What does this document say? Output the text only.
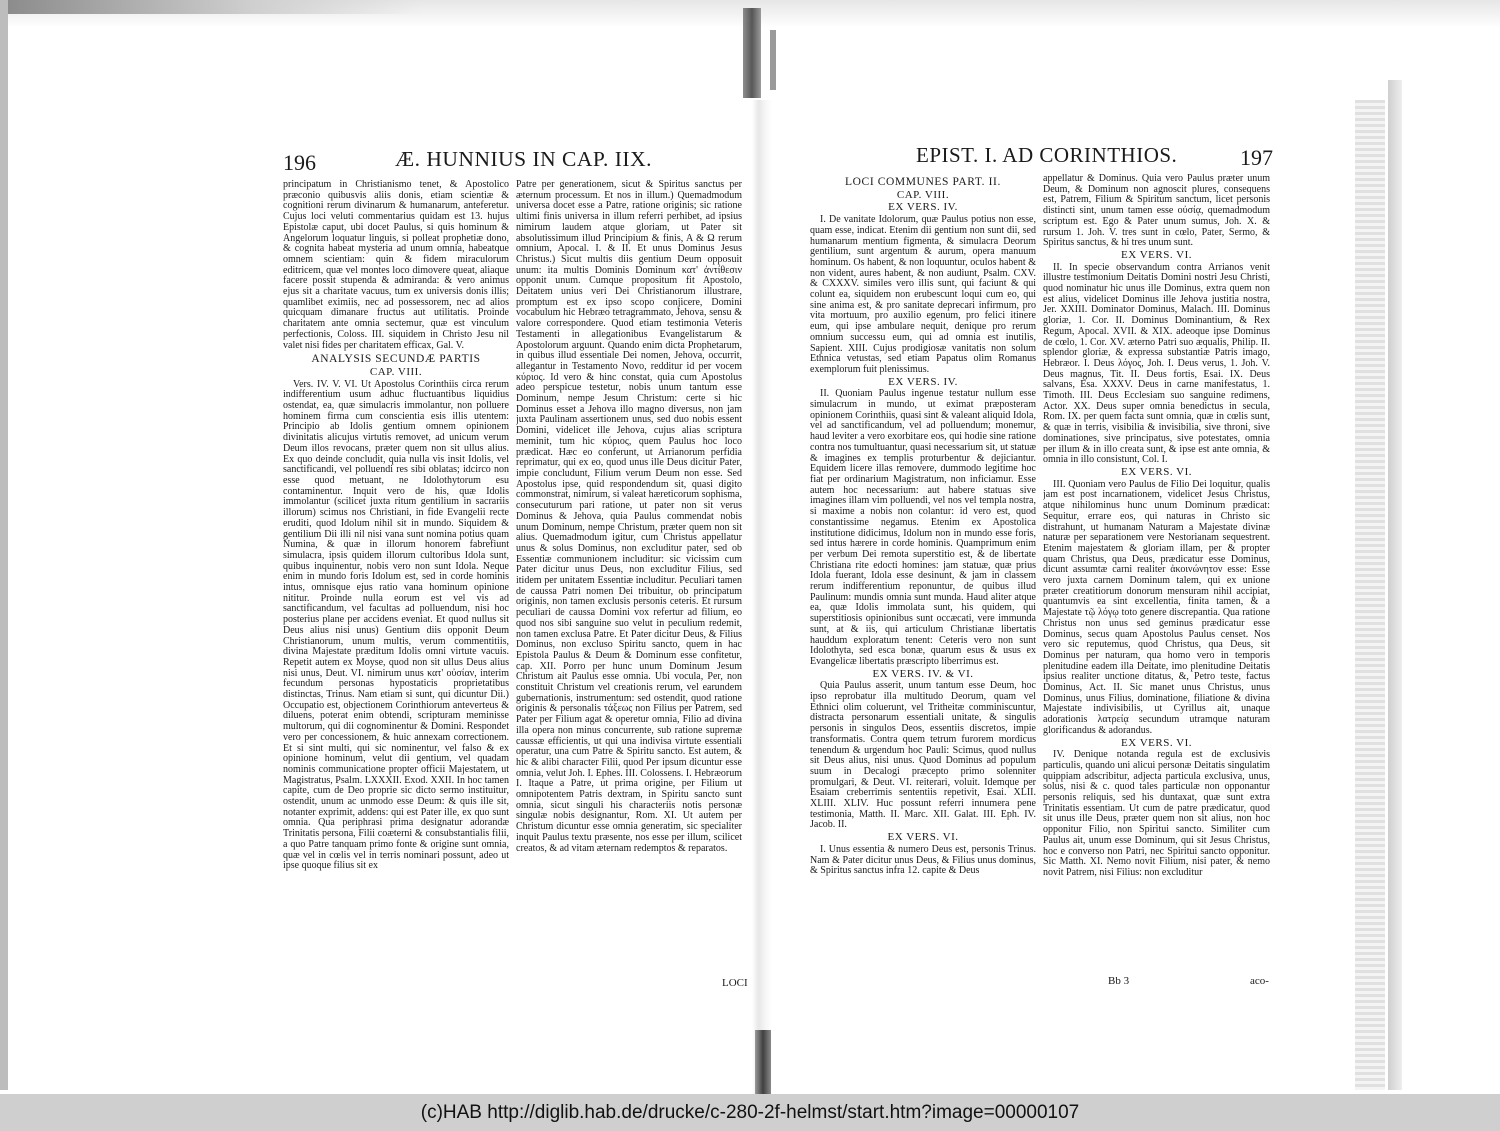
196	Æ. HUNNIUS IN CAP. IIX.

principatum in Christianismo tenet, & Apostolico præconio quibusvis aliis donis, etiam scientiæ & cognitioni rerum divinarum & humanarum, anteferetur. Cujus loci veluti commentarius quidam est 13. hujus Epistolæ caput, ubi docet Paulus, si quis hominum & Angelorum loquatur linguis, si polleat prophetiæ dono, & cognita habeat mysteria ad unum omnia, habeatque omnem scientiam: quin & fidem miraculorum editricem, quæ vel montes loco dimovere queat, aliaque facere possit stupenda & admiranda: & vero animus ejus sit a charitate vacuus, tum ex universis donis illis; quamlibet eximiis, nec ad possessorem, nec ad alios quicquam dimanare fructus aut utilitatis. Proinde charitatem ante omnia sectemur, quæ est vinculum perfectionis, Coloss. III. siquidem in Christo Jesu nil valet nisi fides per charitatem efficax, Gal. V.

ANALYSIS SECUNDÆ PARTIS

CAP. VIII.

Vers. IV. V. VI. Ut Apostolus Corinthiis circa rerum indifferentium usum adhuc fluctuantibus liquidius ostendat, ea, quæ simulacris immolantur, non polluere hominem firma cum conscientia esis illis utentem: Principio ab Idolis gentium omnem opinionem divinitatis alicujus virtutis removet, ad unicum verum Deum illos revocans, præter quem non sit ullus alius. Ex quo deinde concludit, quia nulla vis insit Idolis, vel sanctificandi, vel polluendi res sibi oblatas; idcirco non esse quod metuant, ne Idolothytorum esu contaminentur. Inquit vero de his, quæ Idolis immolantur (scilicet juxta ritum gentilium in sacrariis illorum) scimus nos Christiani, in fide Evangelii recte eruditi, quod Idolum nihil sit in mundo. Siquidem & gentilium Dii illi nil nisi vana sunt nomina potius quam Numina, & quæ in illorum honorem fabrefiunt simulacra, ipsis quidem illorum cultoribus Idola sunt, quibus inquinentur, nobis vero non sunt Idola. Neque enim in mundo foris Idolum est, sed in corde hominis intus, omnisque ejus ratio vana hominum opinione nititur. Proinde nulla eorum est vel vis ad sanctificandum, vel facultas ad polluendum, nisi hoc posterius plane per accidens eveniat. Et quod nullus sit Deus alius nisi unus) Gentium diis opponit Deum Christianorum, unum multis, verum commentitiis, divina Majestate præditum Idolis omni virtute vacuis. Repetit autem ex Moyse, quod non sit ullus Deus alius nisi unus, Deut. VI. nimirum unus κατ' οὐσίαν, interim fecundum personas hypostaticis proprietatibus distinctas, Trinus. Nam etiam si sunt, qui dicuntur Dii.) Occupatio est, objectionem Corinthiorum anteverteus & diluens, poterat enim obtendi, scripturam meminisse multorum, qui dii cognominentur & Domini. Respondet vero per concessionem, & huic annexam correctionem. Et si sint multi, qui sic nominentur, vel falso & ex opinione hominum, velut dii gentium, vel quadam nominis communicatione propter officii Majestatem, ut Magistratus, Psalm. LXXXII. Exod. XXII. In hoc tamen capite, cum de Deo proprie sic dicto sermo instituitur, ostendit, unum ac unmodo esse Deum: & quis ille sit, notanter exprimit, addens: qui est Pater ille, ex quo sunt omnia. Qua periphrasi prima designatur adorandæ Trinitatis persona, Filii coæterni & consubstantialis filii, a quo Patre tanquam primo fonte & origine sunt omnia, quæ vel in cœlis vel in terris nominari possunt, adeo ut ipse quoque filius sit ex

Patre per generationem, sicut & Spiritus sanctus per æternum processum. Et nos in illum.) Quemadmodum universa docet esse a Patre, ratione originis; sic ratione ultimi finis universa in illum referri perhibet, ad ipsius nimirum laudem atque gloriam, ut Pater sit absolutissimum illud Principium & finis, A & Ω rerum omnium, Apocal. I. & II. Et unus Dominus Jesus Christus.) Sicut multis diis gentium Deum opposuit unum: ita multis Dominis Dominum κατ' ἀντίθεσιν opponit unum. Cumque propositum fit Apostolo, Deitatem unius veri Dei Christianorum illustrare, promptum est ex ipso scopo conjicere, Domini vocabulum hic Hebræo tetragrammato, Jehova, sensu & valore correspondere. Quod etiam testimonia Veteris Testamenti in allegationibus Evangelistarum & Apostolorum arguunt. Quando enim dicta Prophetarum, in quibus illud essentiale Dei nomen, Jehova, occurrit, allegantur in Testamento Novo, redditur id per vocem κύριος. Id vero & hinc constat, quia cum Apostolus adeo perspicue testetur, nobis unum tantum esse Dominum, nempe Jesum Christum: certe si hic Dominus esset a Jehova illo magno diversus, non jam juxta Paulinam assertionem unus, sed duo nobis essent Domini, videlicet ille Jehova, cujus alias scriptura meminit, tum hic κύριος, quem Paulus hoc loco prædicat. Hæc eo conferunt, ut Arrianorum perfidia reprimatur, qui ex eo, quod unus ille Deus dicitur Pater, impie concludunt, Filium verum Deum non esse. Sed Apostolus ipse, quid respondendum sit, quasi digito commonstrat, nimirum, si valeat hæreticorum sophisma, consecuturum pari ratione, ut pater non sit verus Dominus & Jehova, quia Paulus commendat nobis unum Dominum, nempe Christum, præter quem non sit alius. Quemadmodum igitur, cum Christus appellatur unus & solus Dominus, non excluditur pater, sed ob Essentiæ communionem includitur: sic vicissim cum Pater dicitur unus Deus, non excluditur Filius, sed itidem per unitatem Essentiæ includitur. Peculiari tamen de caussa Patri nomen Dei tribuitur, ob principatum originis, non tamen exclusis personis ceteris. Et rursum peculiari de caussa Domini vox refertur ad filium, eo quod nos sibi sanguine suo velut in peculium redemit, non tamen exclusa Patre. Et Pater dicitur Deus, & Filius Dominus, non excluso Spiritu sancto, quem in hac Epistola Paulus & Deum & Dominum esse confitetur, cap. XII. Porro per hunc unum Dominum Jesum Christum ait Paulus esse omnia. Ubi vocula, Per, non constituit Christum vel creationis rerum, vel earundem gubernationis, instrumentum: sed ostendit, quod ratione originis & personalis τάξεως non Filius per Patrem, sed Pater per Filium agat & operetur omnia, Filio ad divina illa opera non minus concurrente, sub ratione supremæ caussæ efficientis, ut qui una indivisa virtute essentiali operatur, una cum Patre & Spiritu sancto. Est autem, & hic & alibi character Filii, quod Per ipsum dicuntur esse omnia, velut Joh. I. Ephes. III. Colossens. I. Hebræorum I. Itaque a Patre, ut prima origine, per Filium ut omnipotentem Patris dextram, in Spiritu sancto sunt omnia, sicut singuli his characteriis notis personæ singulæ nobis designantur, Rom. XI. Ut autem per Christum dicuntur esse omnia generatim, sic specialiter inquit Paulus textu præsente, nos esse per illum, scilicet creatos, & ad vitam æternam redemptos & reparatos.

LOCI
EPIST. I. AD CORINTHIOS.	197

LOCI COMMUNES PART. II.

CAP. VIII.

EX VERS. IV.

I. De vanitate Idolorum, quæ Paulus potius non esse, quam esse, indicat. Etenim dii gentium non sunt dii, sed humanarum mentium figmenta, & simulacra Deorum gentilium, sunt argentum & aurum, opera manuum hominum. Os habent, & non loquuntur, oculos habent & non vident, aures habent, & non audiunt, Psalm. CXV. & CXXXV. similes vero illis sunt, qui faciunt & qui colunt ea, siquidem non erubescunt loqui cum eo, qui sine anima est, & pro sanitate deprecari infirmum, pro vita mortuum, pro auxilio egenum, pro felici itinere eum, qui ipse ambulare nequit, denique pro rerum omnium successu eum, qui ad omnia est inutilis, Sapient. XIII. Cujus prodigiosæ vanitatis non solum Ethnica vetustas, sed etiam Papatus olim Romanus exemplorum fuit plenissimus.

EX VERS. IV.

II. Quoniam Paulus ingenue testatur nullum esse simulacrum in mundo, ut eximat præposteram opinionem Corinthiis, quasi sint & valeant aliquid Idola, vel ad sanctificandum, vel ad polluendum; monemur, haud leviter a vero exorbitare eos, qui hodie sine ratione contra nos tumultuantur, quasi necessarium sit, ut statuæ & imagines ex templis proturbentur & dejiciantur. Equidem licere illas removere, dummodo legitime hoc fiat per ordinarium Magistratum, non inficiamur. Esse autem hoc necessarium: aut habere statuas sive imagines illam vim polluendi, vel nos vel templa nostra, si maxime a nobis non colantur: id vero est, quod constantissime negamus. Etenim ex Apostolica institutione didicimus, Idolum non in mundo esse foris, sed intus hærere in corde hominis. Quamprimum enim per verbum Dei remota superstitio est, & de libertate Christiana rite edocti homines: jam statuæ, quæ prius Idola fuerant, Idola esse desinunt, & jam in classem rerum indifferentium reponuntur, de quibus illud Paulinum: mundis omnia sunt munda. Haud aliter atque ea, quæ Idolis immolata sunt, his quidem, qui superstitiosis opinionibus sunt occæcati, vere immunda sunt, at & iis, qui articulum Christianæ libertatis hauddum exploratum tenent: Ceteris vero non sunt Idolothyta, sed esca bonæ, quarum esus & usus ex Evangelicæ libertatis præscripto liberrimus est.

EX VERS. IV. & VI.

Quia Paulus asserit, unum tantum esse Deum, hoc ipso reprobatur illa multitudo Deorum, quam vel Ethnici olim coluerunt, vel Tritheitæ comminiscuntur, distracta personarum essentiali unitate, & singulis personis in singulos Deos, essentiis discretos, impie transformatis. Contra quem tetrum furorem mordicus tenendum & urgendum hoc Pauli: Scimus, quod nullus sit Deus alius, nisi unus. Quod Dominus ad populum suum in Decalogi præcepto primo solenniter promulgari, & Deut. VI. reiterari, voluit. Idemque per Esaiam creberrimis sententiis repetivit, Esai. XLII. XLIII. XLIV. Huc possunt referri innumera pene testimonia, Matth. II. Marc. XII. Galat. III. Eph. IV. Jacob. II.

EX VERS. VI.

I. Unus essentia & numero Deus est, personis Trinus. Nam & Pater dicitur unus Deus, & Filius unus dominus, & Spiritus sanctus infra 12. capite & Deus

appellatur & Dominus. Quia vero Paulus præter unum Deum, & Dominum non agnoscit plures, consequens est, Patrem, Filium & Spiritum sanctum, licet personis distincti sint, unum tamen esse οὐσίᾳ, quemadmodum scriptum est. Ego & Pater unum sumus, Joh. X. & rursum 1. Joh. V. tres sunt in cœlo, Pater, Sermo, & Spiritus sanctus, & hi tres unum sunt.

EX VERS. VI.

II. In specie observandum contra Arrianos venit illustre testimonium Deitatis Domini nostri Jesu Christi, quod nominatur hic unus ille Dominus, extra quem non est alius, videlicet Dominus ille Jehova justitia nostra, Jer. XXIII. Dominator Dominus, Malach. III. Dominus gloriæ, 1. Cor. II. Dominus Dominantium, & Rex Regum, Apocal. XVII. & XIX. adeoque ipse Dominus de cœlo, 1. Cor. XV. æterno Patri suo æqualis, Philip. II. splendor gloriæ, & expressa substantiæ Patris imago, Hebræor. I. Deus λόγος, Joh. I. Deus verus, 1. Joh. V. Deus magnus, Tit. II. Deus fortis, Esai. IX. Deus salvans, Esa. XXXV. Deus in carne manifestatus, 1. Timoth. III. Deus Ecclesiam suo sanguine redimens, Actor. XX. Deus super omnia benedictus in secula, Rom. IX. per quem facta sunt omnia, quæ in cœlis sunt, & quæ in terris, visibilia & invisibilia, sive throni, sive dominationes, sive principatus, sive potestates, omnia per illum & in illo creata sunt, & ipse est ante omnia, & omnia in illo consistunt, Col. I.

EX VERS. VI.

III. Quoniam vero Paulus de Filio Dei loquitur, qualis jam est post incarnationem, videlicet Jesus Christus, atque nihilominus hunc unum Dominum prædicat: Sequitur, errare eos, qui naturas in Christo sic distrahunt, ut humanam Naturam a Majestate divinæ naturæ per separationem vere Nestorianam sequestrent. Etenim majestatem & gloriam illam, per & propter quam Christus, qua Deus, prædicatur esse Dominus, dicunt assumtæ carni realiter ἀκοινώνητον esse: Esse vero juxta carnem Dominum talem, qui ex unione præter creatitiorum donorum mensuram nihil accipiat, quantumvis ea sint excellentia, finita tamen, & a Majestate τῷ λόγῳ toto genere discrepantia. Qua ratione Christus non unus sed geminus prædicatur esse Dominus, secus quam Apostolus Paulus censet. Nos vero sic reputemus, quod Christus, qua Deus, sit Dominus per naturam, qua homo vero in temporis plenitudine eadem illa Deitate, imo plenitudine Deitatis ipsius realiter unctione ditatus, &, Petro teste, factus Dominus, Act. II. Sic manet unus Christus, unus Dominus, unus Filius, dominatione, filiatione & divina Majestate indivisibilis, ut Cyrillus ait, unaque adorationis λατρείᾳ secundum utramque naturam glorificandus & adorandus.

EX VERS. VI.

IV. Denique notanda regula est de exclusivis particulis, quando uni alicui personæ Deitatis singulatim quippiam adscribitur, adjecta particula exclusiva, unus, solus, nisi & c. quod tales particulæ non opponantur personis reliquis, sed his duntaxat, quæ sunt extra Trinitatis essentiam. Ut cum de patre prædicatur, quod sit unus ille Deus, præter quem non sit alius, non hoc opponitur Filio, non Spiritui sancto. Similiter cum Paulus ait, unum esse Dominum, qui sit Jesus Christus, hoc e converso non Patri, nec Spiritui sancto opponitur. Sic Matth. XI. Nemo novit Filium, nisi pater, & nemo novit Patrem, nisi Filius: non excluditur

Bb 3	aco-
(c)HAB http://diglib.hab.de/drucke/c-280-2f-helmst/start.htm?image=00000107
